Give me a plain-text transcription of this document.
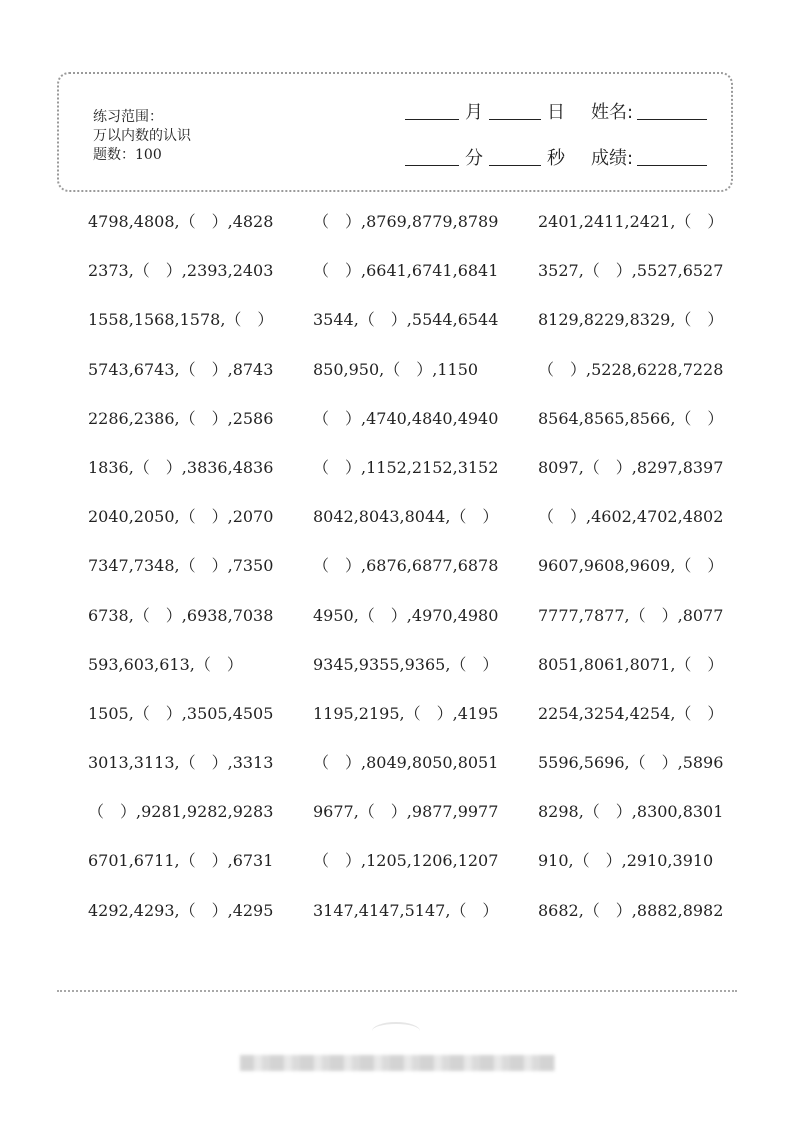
练习范围：
万以内数的认识
题数：100
月	日 姓名:
分	秒 成绩:
4798,4808,（　）,4828	（　）,8769,8779,8789	2401,2411,2421,（　）
2373,（　）,2393,2403	（　）,6641,6741,6841	3527,（　）,5527,6527
1558,1568,1578,（　）	3544,（　）,5544,6544	8129,8229,8329,（　）
5743,6743,（　）,8743	850,950,（　）,1150	（　）,5228,6228,7228
2286,2386,（　）,2586	（　）,4740,4840,4940	8564,8565,8566,（　）
1836,（　）,3836,4836	（　）,1152,2152,3152	8097,（　）,8297,8397
2040,2050,（　）,2070	8042,8043,8044,（　）	（　）,4602,4702,4802
7347,7348,（　）,7350	（　）,6876,6877,6878	9607,9608,9609,（　）
6738,（　）,6938,7038	4950,（　）,4970,4980	7777,7877,（　）,8077
593,603,613,（　）	9345,9355,9365,（　）	8051,8061,8071,（　）
1505,（　）,3505,4505	1195,2195,（　）,4195	2254,3254,4254,（　）
3013,3113,（　）,3313	（　）,8049,8050,8051	5596,5696,（　）,5896
（　）,9281,9282,9283	9677,（　）,9877,9977	8298,（　）,8300,8301
6701,6711,（　）,6731	（　）,1205,1206,1207	910,（　）,2910,3910
4292,4293,（　）,4295	3147,4147,5147,（　）	8682,（　）,8882,8982
